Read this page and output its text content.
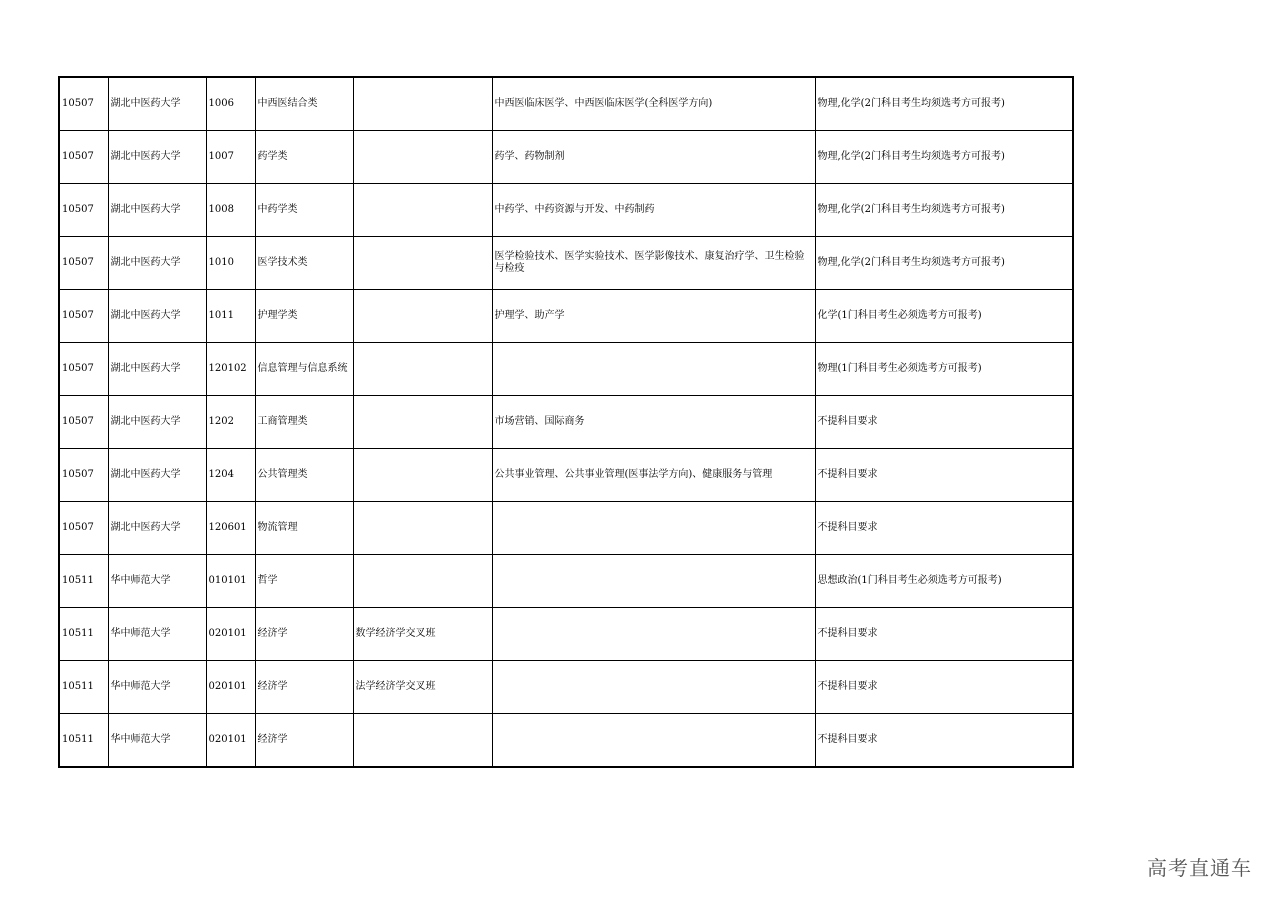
10507	湖北中医药大学	1006	中西医结合类		中西医临床医学、中西医临床医学(全科医学方向)	物理,化学(2门科目考生均须选考方可报考)
10507	湖北中医药大学	1007	药学类		药学、药物制剂	物理,化学(2门科目考生均须选考方可报考)
10507	湖北中医药大学	1008	中药学类		中药学、中药资源与开发、中药制药	物理,化学(2门科目考生均须选考方可报考)
10507	湖北中医药大学	1010	医学技术类		医学检验技术、医学实验技术、医学影像技术、康复治疗学、卫生检验与检疫	物理,化学(2门科目考生均须选考方可报考)
10507	湖北中医药大学	1011	护理学类		护理学、助产学	化学(1门科目考生必须选考方可报考)
10507	湖北中医药大学	120102	信息管理与信息系统			物理(1门科目考生必须选考方可报考)
10507	湖北中医药大学	1202	工商管理类		市场营销、国际商务	不提科目要求
10507	湖北中医药大学	1204	公共管理类		公共事业管理、公共事业管理(医事法学方向)、健康服务与管理	不提科目要求
10507	湖北中医药大学	120601	物流管理			不提科目要求
10511	华中师范大学	010101	哲学			思想政治(1门科目考生必须选考方可报考)
10511	华中师范大学	020101	经济学	数学经济学交叉班		不提科目要求
10511	华中师范大学	020101	经济学	法学经济学交叉班		不提科目要求
10511	华中师范大学	020101	经济学			不提科目要求
高考直通车
